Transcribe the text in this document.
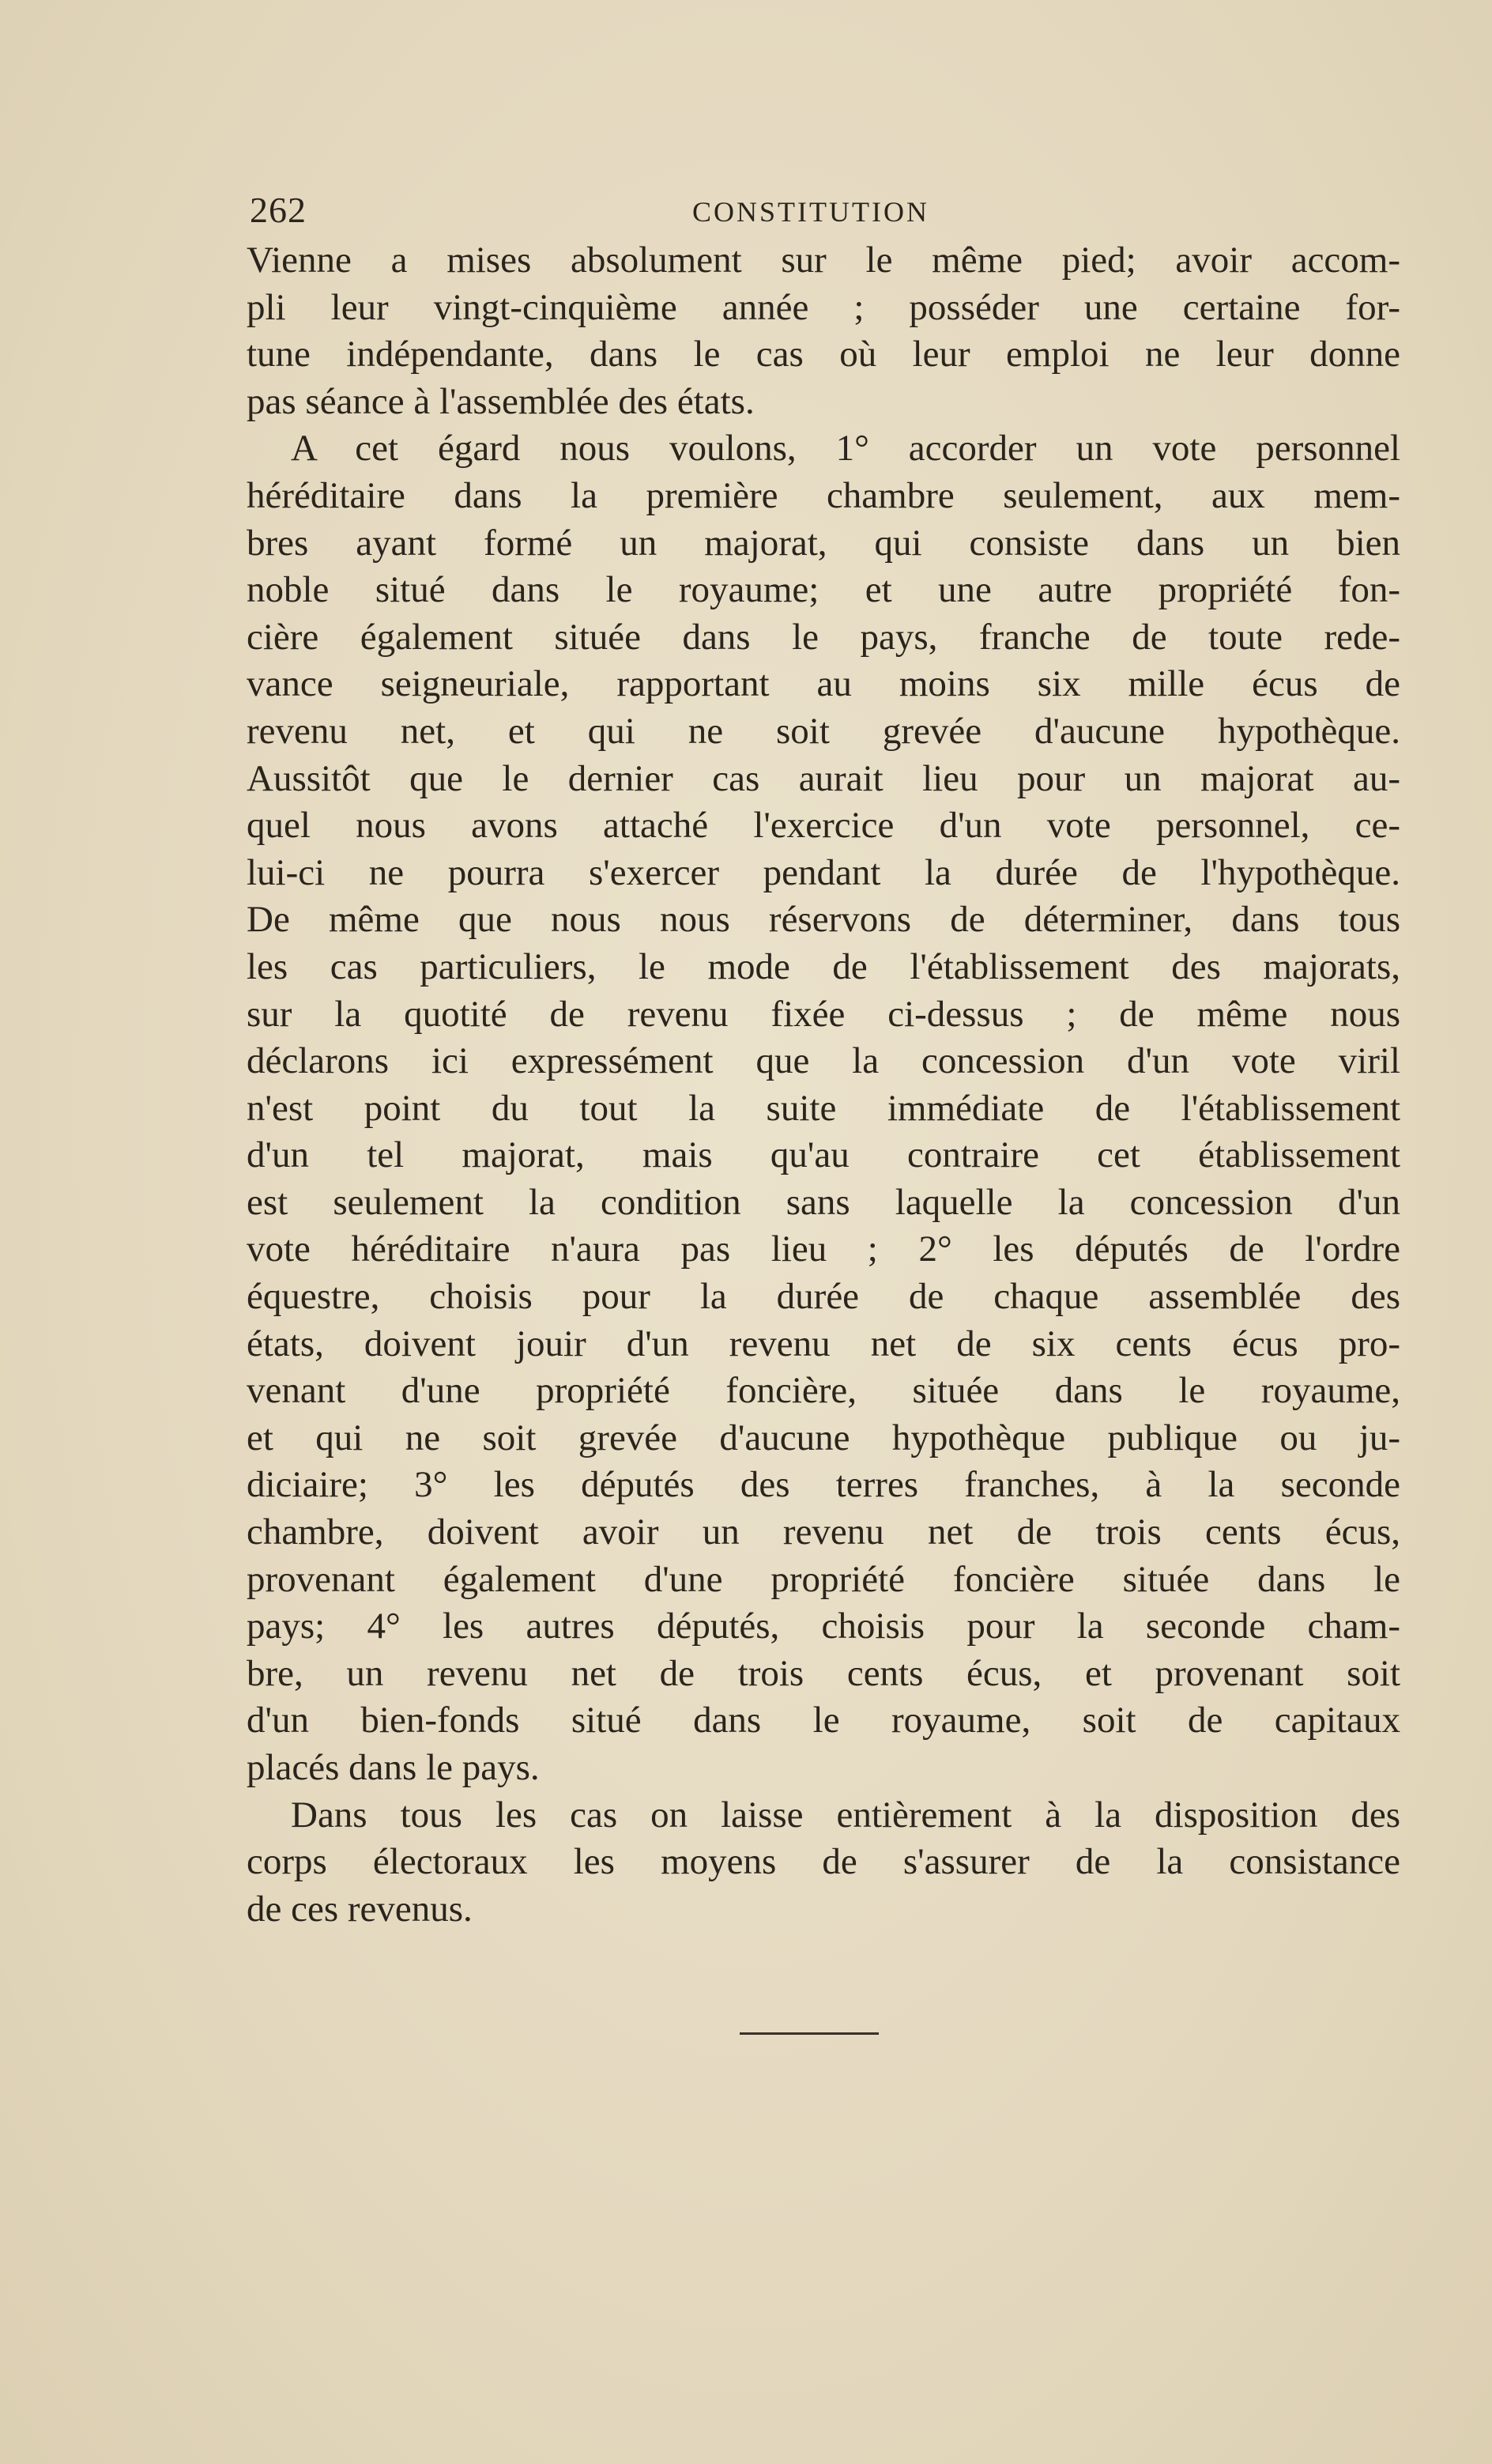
262	CONSTITUTION
Vienne a mises absolument sur le même pied; avoir accom-
pli leur vingt-cinquième année ; posséder une certaine for-
tune indépendante, dans le cas où leur emploi ne leur donne
pas séance à l'assemblée des états.
A cet égard nous voulons, 1° accorder un vote personnel
héréditaire dans la première chambre seulement, aux mem-
bres ayant formé un majorat, qui consiste dans un bien
noble situé dans le royaume; et une autre propriété fon-
cière également située dans le pays, franche de toute rede-
vance seigneuriale, rapportant au moins six mille écus de
revenu net, et qui ne soit grevée d'aucune hypothèque.
Aussitôt que le dernier cas aurait lieu pour un majorat au-
quel nous avons attaché l'exercice d'un vote personnel, ce-
lui-ci ne pourra s'exercer pendant la durée de l'hypothèque.
De même que nous nous réservons de déterminer, dans tous
les cas particuliers, le mode de l'établissement des majorats,
sur la quotité de revenu fixée ci-dessus ; de même nous
déclarons ici expressément que la concession d'un vote viril
n'est point du tout la suite immédiate de l'établissement
d'un tel majorat, mais qu'au contraire cet établissement
est seulement la condition sans laquelle la concession d'un
vote héréditaire n'aura pas lieu ; 2° les députés de l'ordre
équestre, choisis pour la durée de chaque assemblée des
états, doivent jouir d'un revenu net de six cents écus pro-
venant d'une propriété foncière, située dans le royaume,
et qui ne soit grevée d'aucune hypothèque publique ou ju-
diciaire; 3° les députés des terres franches, à la seconde
chambre, doivent avoir un revenu net de trois cents écus,
provenant également d'une propriété foncière située dans le
pays; 4° les autres députés, choisis pour la seconde cham-
bre, un revenu net de trois cents écus, et provenant soit
d'un bien-fonds situé dans le royaume, soit de capitaux
placés dans le pays.
Dans tous les cas on laisse entièrement à la disposition des
corps électoraux les moyens de s'assurer de la consistance
de ces revenus.
